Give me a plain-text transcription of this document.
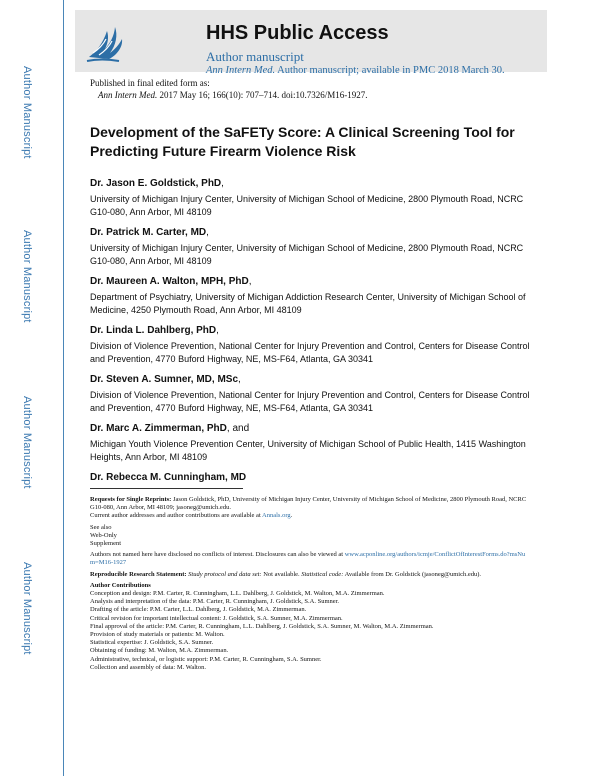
Author Manuscript
Author Manuscript
Author Manuscript
Author Manuscript
HHS Public Access
Author manuscript
Ann Intern Med. Author manuscript; available in PMC 2018 March 30.
Published in final edited form as:
Ann Intern Med. 2017 May 16; 166(10): 707–714. doi:10.7326/M16-1927.
Development of the SaFETy Score: A Clinical Screening Tool for Predicting Future Firearm Violence Risk
Dr. Jason E. Goldstick, PhD,
University of Michigan Injury Center, University of Michigan School of Medicine, 2800 Plymouth Road, NCRC G10-080, Ann Arbor, MI 48109
Dr. Patrick M. Carter, MD,
University of Michigan Injury Center, University of Michigan School of Medicine, 2800 Plymouth Road, NCRC G10-080, Ann Arbor, MI 48109
Dr. Maureen A. Walton, MPH, PhD,
Department of Psychiatry, University of Michigan Addiction Research Center, University of Michigan School of Medicine, 4250 Plymouth Road, Ann Arbor, MI 48109
Dr. Linda L. Dahlberg, PhD,
Division of Violence Prevention, National Center for Injury Prevention and Control, Centers for Disease Control and Prevention, 4770 Buford Highway, NE, MS-F64, Atlanta, GA 30341
Dr. Steven A. Sumner, MD, MSc,
Division of Violence Prevention, National Center for Injury Prevention and Control, Centers for Disease Control and Prevention, 4770 Buford Highway, NE, MS-F64, Atlanta, GA 30341
Dr. Marc A. Zimmerman, PhD, and
Michigan Youth Violence Prevention Center, University of Michigan School of Public Health, 1415 Washington Heights, Ann Arbor, MI 48109
Dr. Rebecca M. Cunningham, MD
Requests for Single Reprints: Jason Goldstick, PhD, University of Michigan Injury Center, University of Michigan School of Medicine, 2800 Plymouth Road, NCRC G10-080, Ann Arbor, MI 48109; jasoneg@umich.edu.
Current author addresses and author contributions are available at Annals.org.
See also
Web-Only
Supplement
Authors not named here have disclosed no conflicts of interest. Disclosures can also be viewed at www.acponline.org/authors/icmje/ConflictOfInterestForms.do?msNum=M16-1927
Reproducible Research Statement: Study protocol and data set: Not available. Statistical code: Available from Dr. Goldstick (jasoneg@umich.edu).
Author Contributions
Conception and design: P.M. Carter, R. Cunningham, L.L. Dahlberg, J. Goldstick, M. Walton, M.A. Zimmerman.
Analysis and interpretation of the data: P.M. Carter, R. Cunningham, J. Goldstick, S.A. Sumner.
Drafting of the article: P.M. Carter, L.L. Dahlberg, J. Goldstick, M.A. Zimmerman.
Critical revision for important intellectual content: J. Goldstick, S.A. Sumner, M.A. Zimmerman.
Final approval of the article: P.M. Carter, R. Cunningham, L.L. Dahlberg, J. Goldstick, S.A. Sumner, M. Walton, M.A. Zimmerman.
Provision of study materials or patients: M. Walton.
Statistical expertise: J. Goldstick, S.A. Sumner.
Obtaining of funding: M. Walton, M.A. Zimmerman.
Administrative, technical, or logistic support: P.M. Carter, R. Cunningham, S.A. Sumner.
Collection and assembly of data: M. Walton.
